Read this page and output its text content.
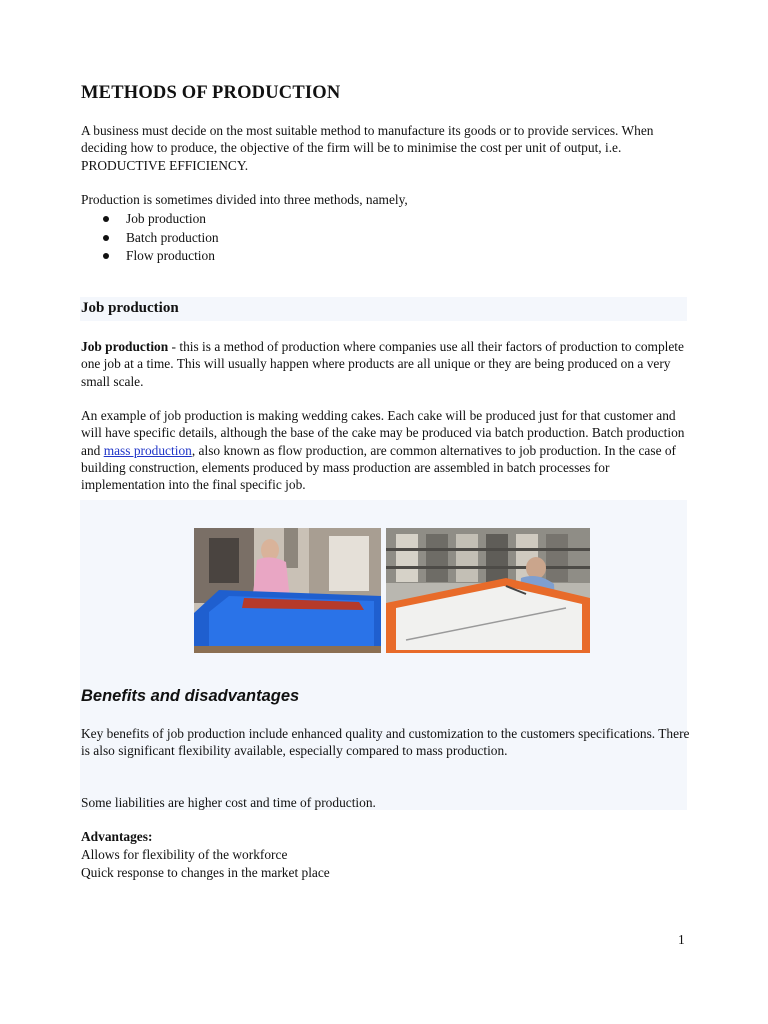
METHODS OF PRODUCTION

A business must decide on the most suitable method to manufacture its goods or to provide services. When deciding how to produce, the objective of the firm will be to minimise the cost per unit of output, i.e. PRODUCTIVE EFFICIENCY.

Production is sometimes divided into three methods, namely,

Job production
Batch production
Flow production
Job production

Job production - this is a method of production where companies use all their factors of production to complete one job at a time. This will usually happen where products are all unique or they are being produced on a very small scale.

An example of job production is making wedding cakes. Each cake will be produced just for that customer and will have specific details, although the base of the cake may be produced via batch production. Batch production and mass production, also known as flow production, are common alternatives to job production. In the case of building construction, elements produced by mass production are assembled in batch processes for implementation into the final specific job.

Benefits and disadvantages

Key benefits of job production include enhanced quality and customization to the customers specifications. There is also significant flexibility available, especially compared to mass production.

Some liabilities are higher cost and time of production.

Advantages:

Allows for flexibility of the workforce

Quick response to changes in the market place

1
